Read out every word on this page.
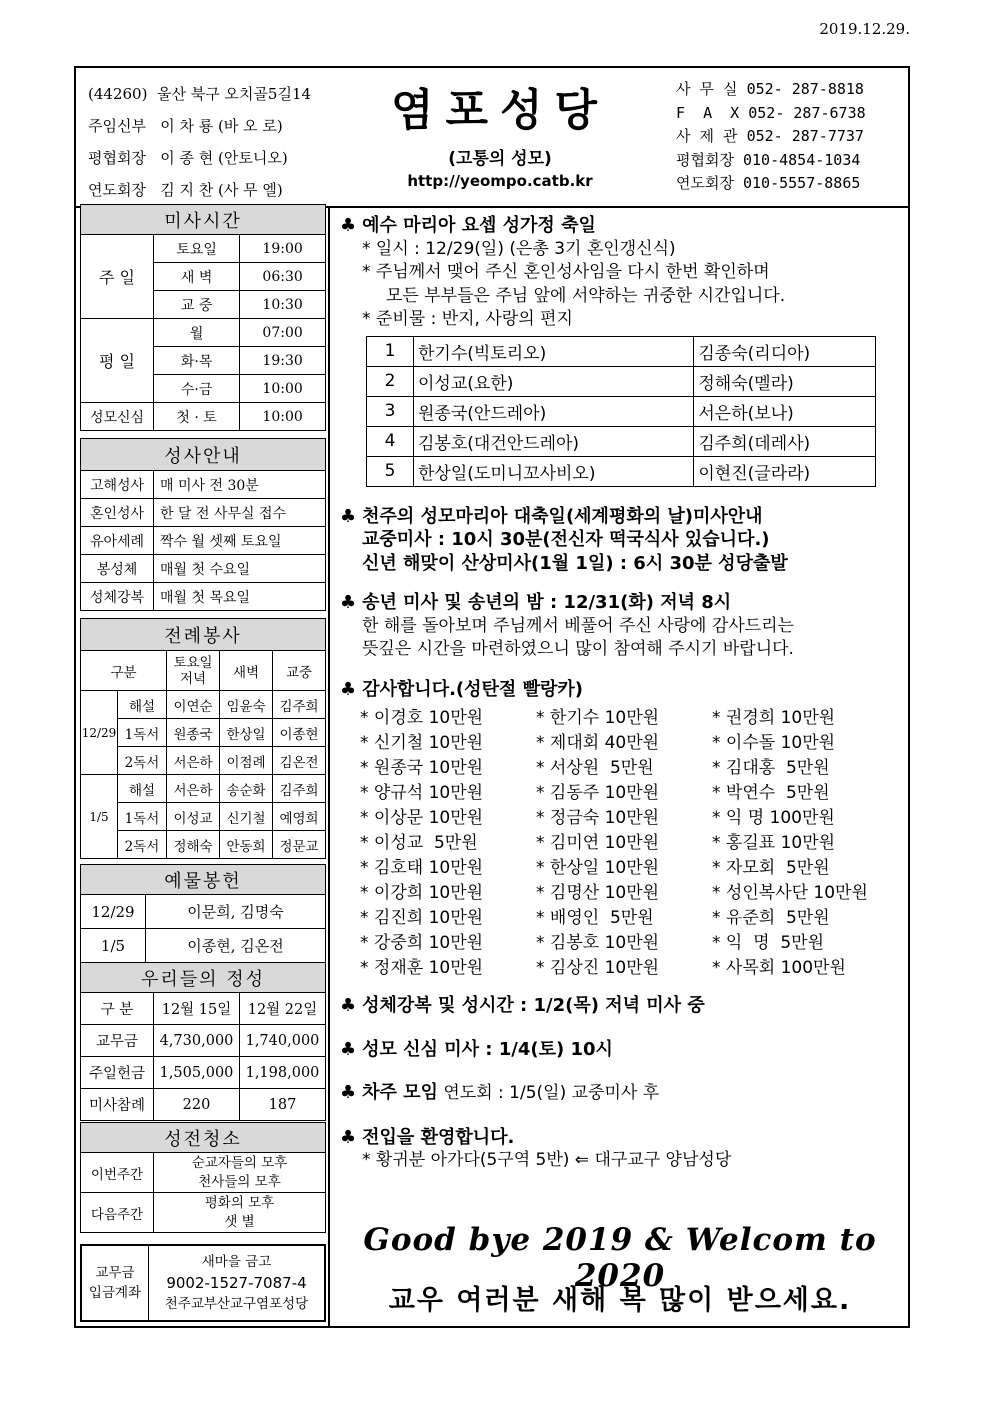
2019.12.29.
(44260)  울산 북구 오치골5길14
주임신부   이 차 룡 (바 오 로)
평협회장   이 종 현 (안토니오)
연도회장   김 지 찬 (사 무 엘)
염포성당
(고통의 성모)
http://yeompo.catb.kr
사 무 실 052- 287-8818
F  A  X 052- 287-6738
사 제 관 052- 287-7737
평협회장 010-4854-1034
연도회장 010-5557-8865
미사시간		
주 일	토요일	19:00
	새 벽	06:30
	교 중	10:30
평 일	월	07:00
	화·목	19:30
	수·금	10:00
성모신심	첫 · 토	10:00
성사안내	
고해성사	매 미사 전 30분
혼인성사	한 달 전 사무실 접수
유아세례	짝수 월 셋째 토요일
봉성체	매월 첫 수요일
성체강복	매월 첫 목요일
전례봉사				
구분		토요일 저녁	새벽	교중
12/29	해설	이연순	임윤숙	김주희
	1독서	원종국	한상일	이종현
	2독서	서은하	이점례	김온전
1/5	해설	서은하	송순화	김주희
	1독서	이성교	신기철	예영희
	2독서	정해숙	안동희	정문교
예물봉헌	
12/29	이문희, 김명숙
1/5	이종현, 김온전
우리들의 정성		
구 분	12월 15일	12월 22일
교무금	4,730,000	1,740,000
주일헌금	1,505,000	1,198,000
미사참례	220	187
성전청소	
이번주간	순교자들의 모후
천사들의 모후

다음주간	평화의 모후
샛 별
교무금
입금계좌

새마을 금고
9002-1527-7087-4
천주교부산교구염포성당
♣ 예수 마리아 요셉 성가정 축일
* 일시 : 12/29(일) (은총 3기 혼인갱신식)
* 주님께서 맺어 주신 혼인성사임을 다시 한번 확인하며
모든 부부들은 주님 앞에 서약하는 귀중한 시간입니다.
* 준비물 : 반지, 사랑의 편지
1	한기수(빅토리오)	김종숙(리디아)
2	이성교(요한)	정해숙(멜라)
3	원종국(안드레아)	서은하(보나)
4	김봉호(대건안드레아)	김주희(데레사)
5	한상일(도미니꼬사비오)	이현진(글라라)
♣ 천주의 성모마리아 대축일(세계평화의 날)미사안내
교중미사 : 10시 30분(전신자 떡국식사 있습니다.)
신년 해맞이 산상미사(1월 1일) : 6시 30분 성당출발
♣ 송년 미사 및 송년의 밤 : 12/31(화) 저녁 8시
한 해를 돌아보며 주님께서 베풀어 주신 사랑에 감사드리는
뜻깊은 시간을 마련하였으니 많이 참여해 주시기 바랍니다.
♣ 감사합니다.(성탄절 빨랑카)
* 이경호 10만원	* 한기수 10만원	* 권경희 10만원
* 신기철 10만원	* 제대회 40만원	* 이수돌 10만원
* 원종국 10만원	* 서상원  5만원	* 김대홍  5만원
* 양규석 10만원	* 김동주 10만원	* 박연수  5만원
* 이상문 10만원	* 정금숙 10만원	* 익 명 100만원
* 이성교  5만원	* 김미연 10만원	* 홍길표 10만원
* 김호태 10만원	* 한상일 10만원	* 자모회  5만원
* 이강희 10만원	* 김명산 10만원	* 성인복사단 10만원
* 김진희 10만원	* 배영인  5만원	* 유준희  5만원
* 강중희 10만원	* 김봉호 10만원	* 익  명  5만원
* 정재훈 10만원	* 김상진 10만원	* 사목회 100만원
♣ 성체강복 및 성시간 : 1/2(목) 저녁 미사 중
♣ 성모 신심 미사 : 1/4(토) 10시
♣ 차주 모임 연도회 : 1/5(일) 교중미사 후
♣ 전입을 환영합니다.
* 황귀분 아가다(5구역 5반) ⇐ 대구교구 양남성당
Good bye 2019 & Welcom to 2020
교우 여러분 새해 복 많이 받으세요.
